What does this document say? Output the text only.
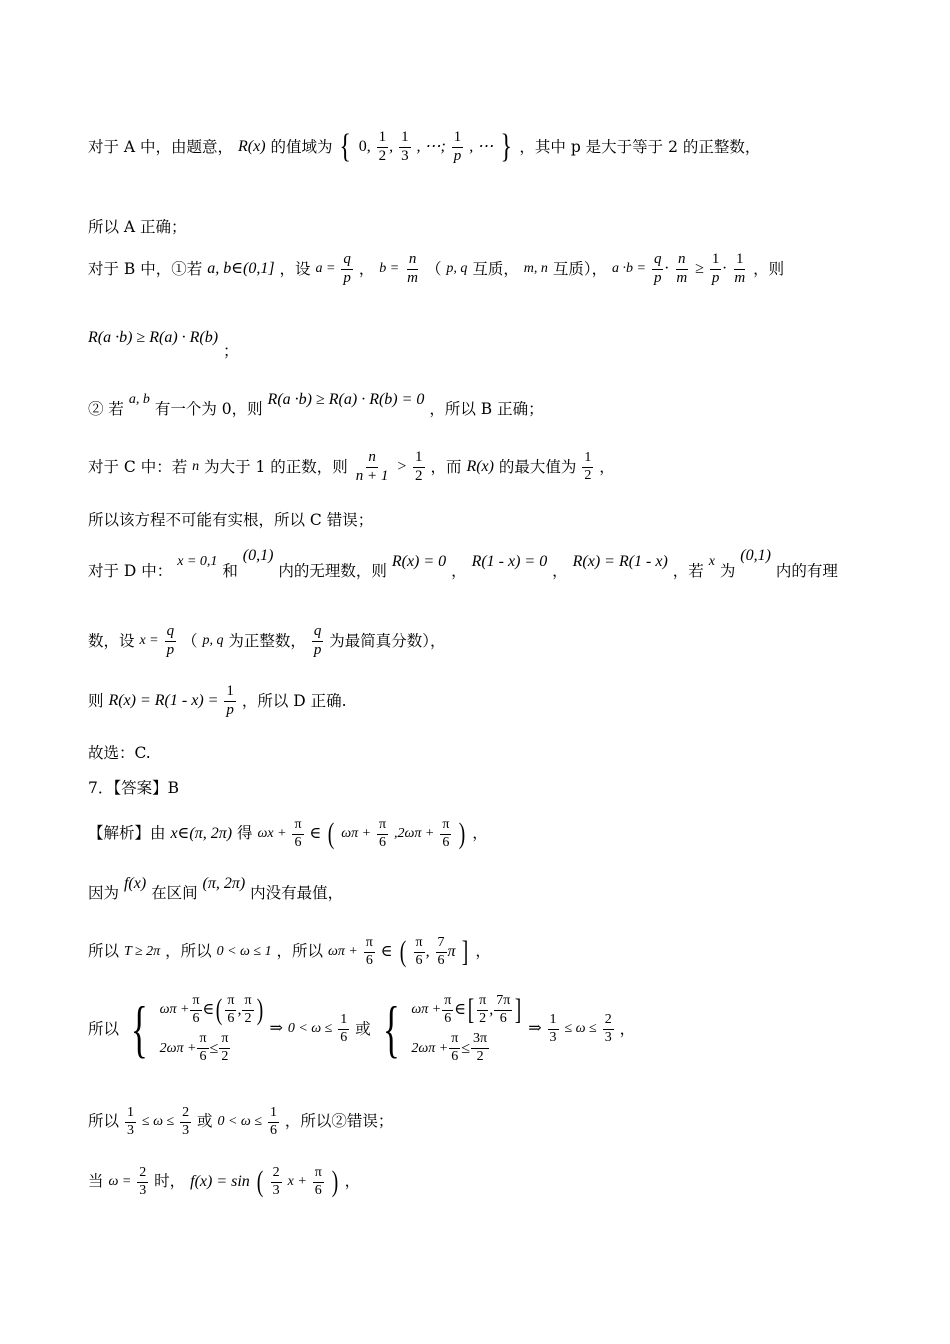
对于 A 中，由题意， R(x) 的值域为 { 0, $\frac{1}{2}$ , $\frac{1}{3}$ , ⋯; $\frac{1}{p}$ , ⋯ } ，其中 p 是大于等于 2 的正整数，
所以 A 正确；
对于 B 中，①若 a, b∈(0,1] ，设 $a = \frac{q}{p}$ ， $b = \frac{n}{m}$ （ p, q 互质， m, n 互质）， $a \cdot b = \frac{q}{p} \cdot \frac{n}{m} \ge \frac{1}{p} \cdot \frac{1}{m}$ ，则
R(a ·b) ≥ R(a) · R(b) ；
② 若 a, b 有一个为 0，则 R(a ·b) ≥ R(a) · R(b) = 0 ，所以 B 正确；
对于 C 中：若 n 为大于 1 的正数，则 $\frac{n}{n + 1} > \frac{1}{2}$ ，而 R(x) 的最大值为 $\frac{1}{2}$ ，
所以该方程不可能有实根，所以 C 错误；
对于 D 中： x = 0,1 和 (0,1) 内的无理数，则 R(x) = 0 ， R(1 - x) = 0 ， R(x) = R(1 - x) ，若 x 为 (0,1) 内的有理
数，设 $x = \frac{q}{p}$ （ p, q 为正整数， $\frac{q}{p}$ 为最简真分数），
则 $R(x) = R(1 - x) = \frac{1}{p}$ ，所以 D 正确.
故选：C.
7．【答案】B
【解析】由 x∈(π, 2π) 得 $\omega x + \frac{\pi}{6}$ ∈ ( $\omega\pi + \frac{\pi}{6} ,2\omega\pi + \frac{\pi}{6}$ ) ，
因为 f(x) 在区间 (π, 2π) 内没有最值，
所以 T ≥ 2π ，所以 0 < ω ≤ 1 ，所以 $\omega\pi + \frac{\pi}{6}$ ∈ ( $\frac{\pi}{6}$ , $\frac{7}{6}$ π ] ，
所以 { $\omega\pi + \frac{\pi}{6}$ ∈( $\frac{\pi}{6}$ , $\frac{\pi}{2}$ )
$2\omega\pi + \frac{\pi}{6} \le \frac{\pi}{2}$
⇒ $0 < \omega \le \frac{1}{6}$ 或 { $\omega\pi + \frac{\pi}{6}$ ∈[ $\frac{\pi}{2}$ , $\frac{7\pi}{6}$ ]
$2\omega\pi + \frac{\pi}{6} \le \frac{3\pi}{2}$
⇒ $\frac{1}{3} \le \omega \le \frac{2}{3}$ ，
所以 $\frac{1}{3} \le \omega \le \frac{2}{3}$ 或 $0 < \omega \le \frac{1}{6}$ ，所以②错误；
当 $\omega = \frac{2}{3}$ 时， f(x) = sin ( $\frac{2}{3}$ $x + \frac{\pi}{6}$ ) ，
